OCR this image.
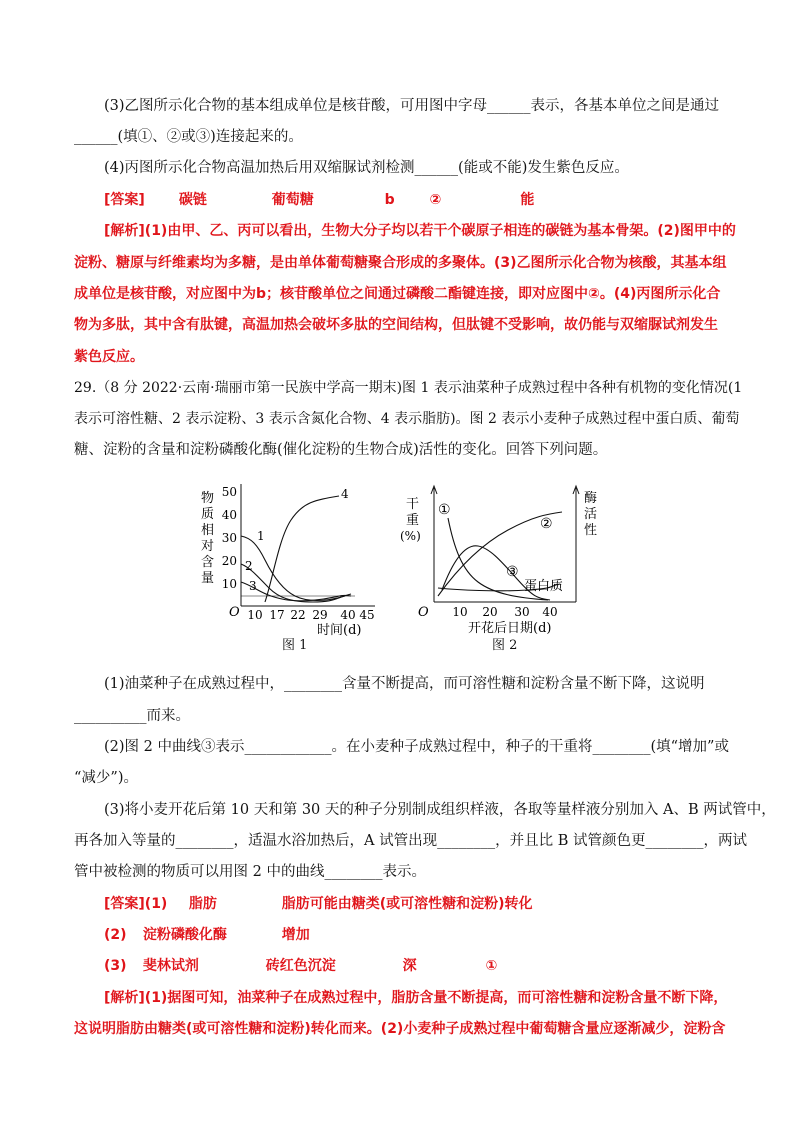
(3)乙图所示化合物的基本组成单位是核苷酸，可用图中字母______表示，各基本单位之间是通过
______(填①、②或③)连接起来的。
(4)丙图所示化合物高温加热后用双缩脲试剂检测______(能或不能)发生紫色反应。
[答案] 碳链	葡萄糖	b ②	能
[解析](1)由甲、乙、丙可以看出，生物大分子均以若干个碳原子相连的碳链为基本骨架。(2)图甲中的
淀粉、糖原与纤维素均为多糖，是由单体葡萄糖聚合形成的多聚体。(3)乙图所示化合物为核酸，其基本组
成单位是核苷酸，对应图中为b；核苷酸单位之间通过磷酸二酯键连接，即对应图中②。(4)丙图所示化合
物为多肽，其中含有肽键，高温加热会破坏多肽的空间结构，但肽键不受影响，故仍能与双缩脲试剂发生
紫色反应。
29.（8 分 2022·云南·瑞丽市第一民族中学高一期末)图 1 表示油菜种子成熟过程中各种有机物的变化情况(1
表示可溶性糖、2 表示淀粉、3 表示含氮化合物、4 表示脂肪)。图 2 表示小麦种子成熟过程中蛋白质、葡萄
糖、淀粉的含量和淀粉磷酸化酶(催化淀粉的生物合成)活性的变化。回答下列问题。
物
质
相
对
含
量
50
40
30
20
10
O 10 17 22 29 40 45
时间(d)
1
2
3
4
图 1
干
重
(%)
酶
活
性
O 10 20 30 40
开花后日期(d)
①
②
③
蛋白质
图 2
(1)油菜种子在成熟过程中，________含量不断提高，而可溶性糖和淀粉含量不断下降，这说明
__________而来。
(2)图 2 中曲线③表示____________。在小麦种子成熟过程中，种子的干重将________(填“增加”或
“减少”)。
(3)将小麦开花后第 10 天和第 30 天的种子分别制成组织样液，各取等量样液分别加入 A、B 两试管中，
再各加入等量的________，适温水浴加热后，A 试管出现________，并且比 B 试管颜色更________，两试
管中被检测的物质可以用图 2 中的曲线________表示。
[答案](1) 脂肪	脂肪可能由糖类(或可溶性糖和淀粉)转化
(2) 淀粉磷酸化酶	增加
(3) 斐林试剂	砖红色沉淀	深	①
[解析](1)据图可知，油菜种子在成熟过程中，脂肪含量不断提高，而可溶性糖和淀粉含量不断下降，
这说明脂肪由糖类(或可溶性糖和淀粉)转化而来。(2)小麦种子成熟过程中葡萄糖含量应逐渐减少，淀粉含
